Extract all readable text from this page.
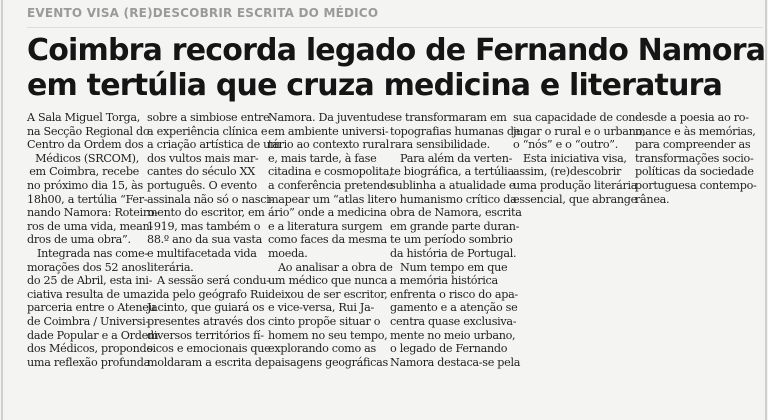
EVENTO VISA (RE)DESCOBRIR ESCRITA DO MÉDICO
Coimbra recorda legado de Fernando Namora
em tertúlia que cruza medicina e literatura

A Sala Miguel Torga,
na Secção Regional do
Centro da Ordem dos
Médicos (SRCOM),
em Coimbra, recebe
no próximo dia 15, às
18h00, a tertúlia “Fer-
nando Namora: Roteiro-
ros de uma vida, mean-
dros de uma obra”.
Integrada nas come-
morações dos 52 anos
do 25 de Abril, esta ini-
ciativa resulta de uma
parceria entre o Ateneu
de Coimbra / Universi-
dade Popular e a Ordem
dos Médicos, propondo
uma reflexão profunda

sobre a simbiose entre
a experiência clínica e
a criação artística de um
dos vultos mais mar-
cantes do século XX
português. O evento
assinala não só o nasci-
mento do escritor, em
1919, mas também o
88.º ano da sua vasta
e multifacetada vida
literária.
A sessão será condu-
zida pelo geógrafo Rui
Jacinto, que guiará os
presentes através dos
diversos territórios fí-
sicos e emocionais que
moldaram a escrita de

Namora. Da juventude
em ambiente universi-
tário ao contexto rural
e, mais tarde, à fase
citadina e cosmopolita,
a conferência pretende
mapear um “atlas liter-
ário” onde a medicina
e a literatura surgem
como faces da mesma
moeda.
Ao analisar a obra de
um médico que nunca
deixou de ser escritor,
e vice-versa, Rui Ja-
cinto propõe situar o
homem no seu tempo,
explorando como as
paisagens geográficas

se transformaram em
topografias humanas de
rara sensibilidade.
Para além da verten-
te biográfica, a tertúlia
sublinha a atualidade e
o humanismo crítico da
obra de Namora, escrita
em grande parte duran-
te um período sombrio
da história de Portugal.
Num tempo em que
a memória histórica
enfrenta o risco do apa-
gamento e a atenção se
centra quase exclusiva-
mente no meio urbano,
o legado de Fernando
Namora destaca-se pela

sua capacidade de con-
jugar o rural e o urbano,
o “nós” e o “outro”.
Esta iniciativa visa,
assim, (re)descobrir
uma produção literária
essencial, que abrange

desde a poesia ao ro-
mance e às memórias,
para compreender as
transformações socio-
políticas da sociedade
portuguesa contempo-
rânea.
